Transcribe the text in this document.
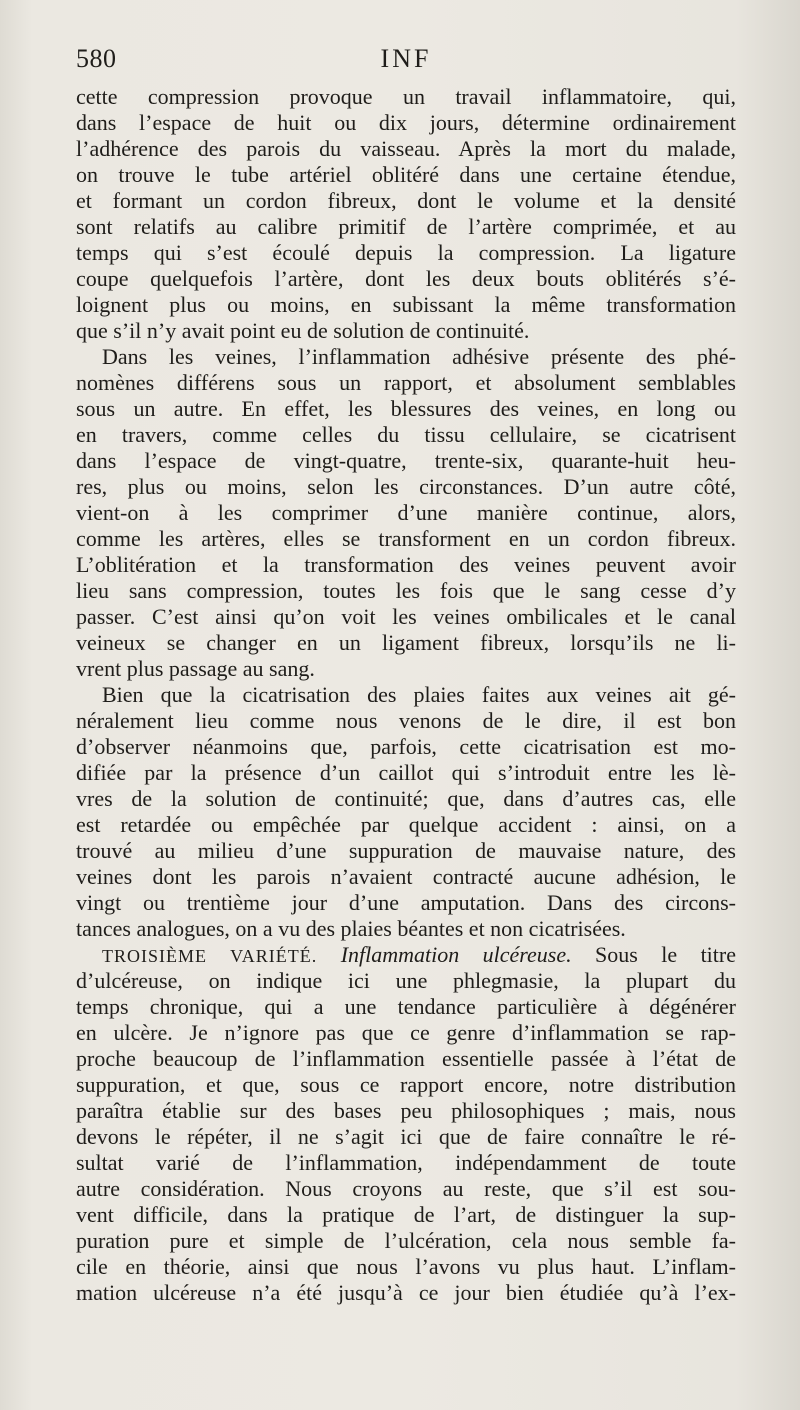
580	INF
cette compression provoque un travail inflammatoire, qui,
dans l’espace de huit ou dix jours, détermine ordinairement
l’adhérence des parois du vaisseau. Après la mort du malade,
on trouve le tube artériel oblitéré dans une certaine étendue,
et formant un cordon fibreux, dont le volume et la densité
sont relatifs au calibre primitif de l’artère comprimée, et au
temps qui s’est écoulé depuis la compression. La ligature
coupe quelquefois l’artère, dont les deux bouts oblitérés s’é-
loignent plus ou moins, en subissant la même transformation
que s’il n’y avait point eu de solution de continuité.
Dans les veines, l’inflammation adhésive présente des phé-
nomènes différens sous un rapport, et absolument semblables
sous un autre. En effet, les blessures des veines, en long ou
en travers, comme celles du tissu cellulaire, se cicatrisent
dans l’espace de vingt-quatre, trente-six, quarante-huit heu-
res, plus ou moins, selon les circonstances. D’un autre côté,
vient-on à les comprimer d’une manière continue, alors,
comme les artères, elles se transforment en un cordon fibreux.
L’oblitération et la transformation des veines peuvent avoir
lieu sans compression, toutes les fois que le sang cesse d’y
passer. C’est ainsi qu’on voit les veines ombilicales et le canal
veineux se changer en un ligament fibreux, lorsqu’ils ne li-
vrent plus passage au sang.
Bien que la cicatrisation des plaies faites aux veines ait gé-
néralement lieu comme nous venons de le dire, il est bon
d’observer néanmoins que, parfois, cette cicatrisation est mo-
difiée par la présence d’un caillot qui s’introduit entre les lè-
vres de la solution de continuité; que, dans d’autres cas, elle
est retardée ou empêchée par quelque accident : ainsi, on a
trouvé au milieu d’une suppuration de mauvaise nature, des
veines dont les parois n’avaient contracté aucune adhésion, le
vingt ou trentième jour d’une amputation. Dans des circons-
tances analogues, on a vu des plaies béantes et non cicatrisées.
TROISIÈME VARIÉTÉ. Inflammation ulcéreuse. Sous le titre
d’ulcéreuse, on indique ici une phlegmasie, la plupart du
temps chronique, qui a une tendance particulière à dégénérer
en ulcère. Je n’ignore pas que ce genre d’inflammation se rap-
proche beaucoup de l’inflammation essentielle passée à l’état de
suppuration, et que, sous ce rapport encore, notre distribution
paraîtra établie sur des bases peu philosophiques ; mais, nous
devons le répéter, il ne s’agit ici que de faire connaître le ré-
sultat varié de l’inflammation, indépendamment de toute
autre considération. Nous croyons au reste, que s’il est sou-
vent difficile, dans la pratique de l’art, de distinguer la sup-
puration pure et simple de l’ulcération, cela nous semble fa-
cile en théorie, ainsi que nous l’avons vu plus haut. L’inflam-
mation ulcéreuse n’a été jusqu’à ce jour bien étudiée qu’à l’ex-
